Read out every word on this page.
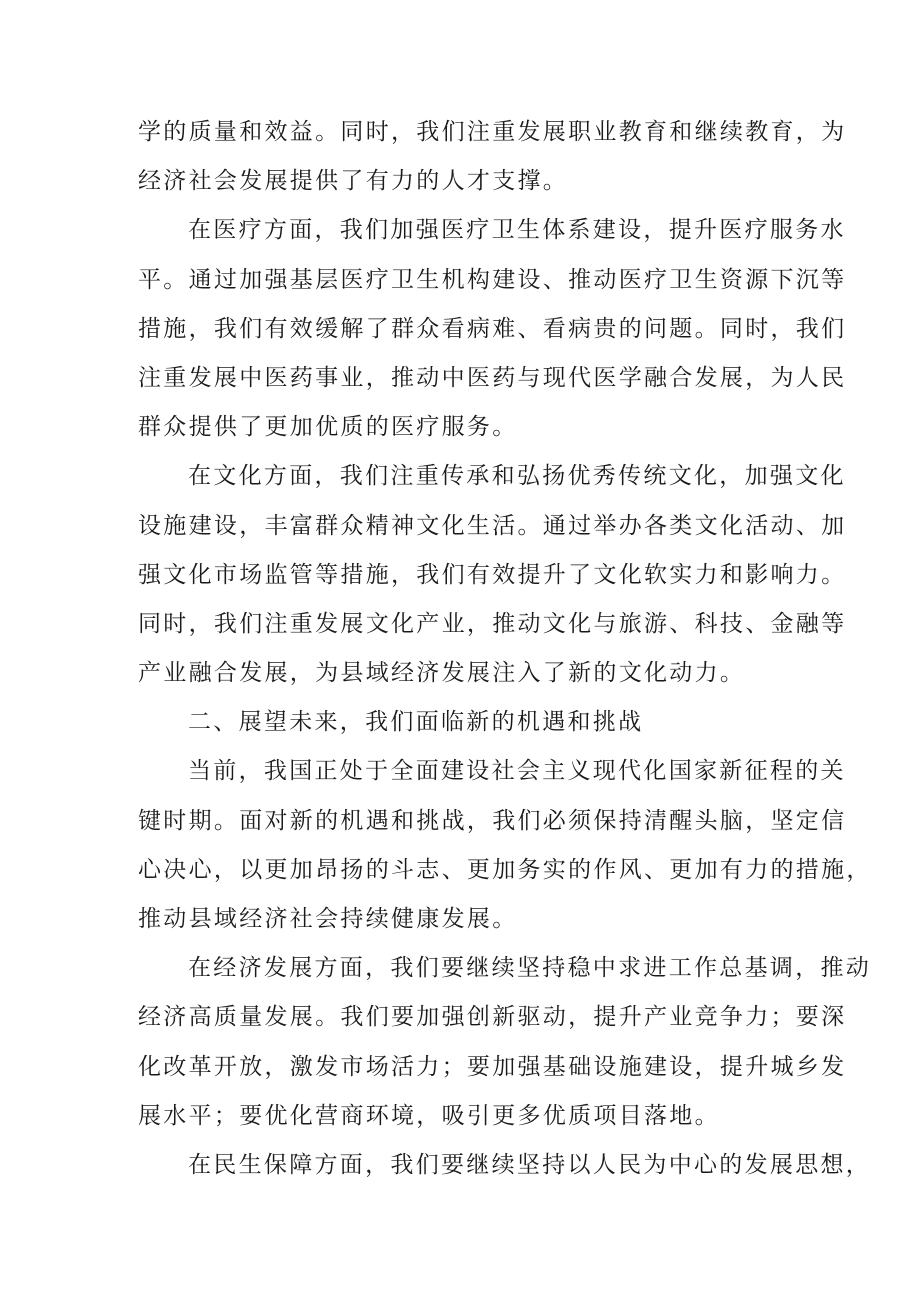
学的质量和效益。同时，我们注重发展职业教育和继续教育，为
经济社会发展提供了有力的人才支撑。
在医疗方面，我们加强医疗卫生体系建设，提升医疗服务水
平。通过加强基层医疗卫生机构建设、推动医疗卫生资源下沉等
措施，我们有效缓解了群众看病难、看病贵的问题。同时，我们
注重发展中医药事业，推动中医药与现代医学融合发展，为人民
群众提供了更加优质的医疗服务。
在文化方面，我们注重传承和弘扬优秀传统文化，加强文化
设施建设，丰富群众精神文化生活。通过举办各类文化活动、加
强文化市场监管等措施，我们有效提升了文化软实力和影响力。
同时，我们注重发展文化产业，推动文化与旅游、科技、金融等
产业融合发展，为县域经济发展注入了新的文化动力。
二、展望未来，我们面临新的机遇和挑战
当前，我国正处于全面建设社会主义现代化国家新征程的关
键时期。面对新的机遇和挑战，我们必须保持清醒头脑，坚定信
心决心，以更加昂扬的斗志、更加务实的作风、更加有力的措施，
推动县域经济社会持续健康发展。
在经济发展方面，我们要继续坚持稳中求进工作总基调，推动
经济高质量发展。我们要加强创新驱动，提升产业竞争力；要深
化改革开放，激发市场活力；要加强基础设施建设，提升城乡发
展水平；要优化营商环境，吸引更多优质项目落地。
在民生保障方面，我们要继续坚持以人民为中心的发展思想，
